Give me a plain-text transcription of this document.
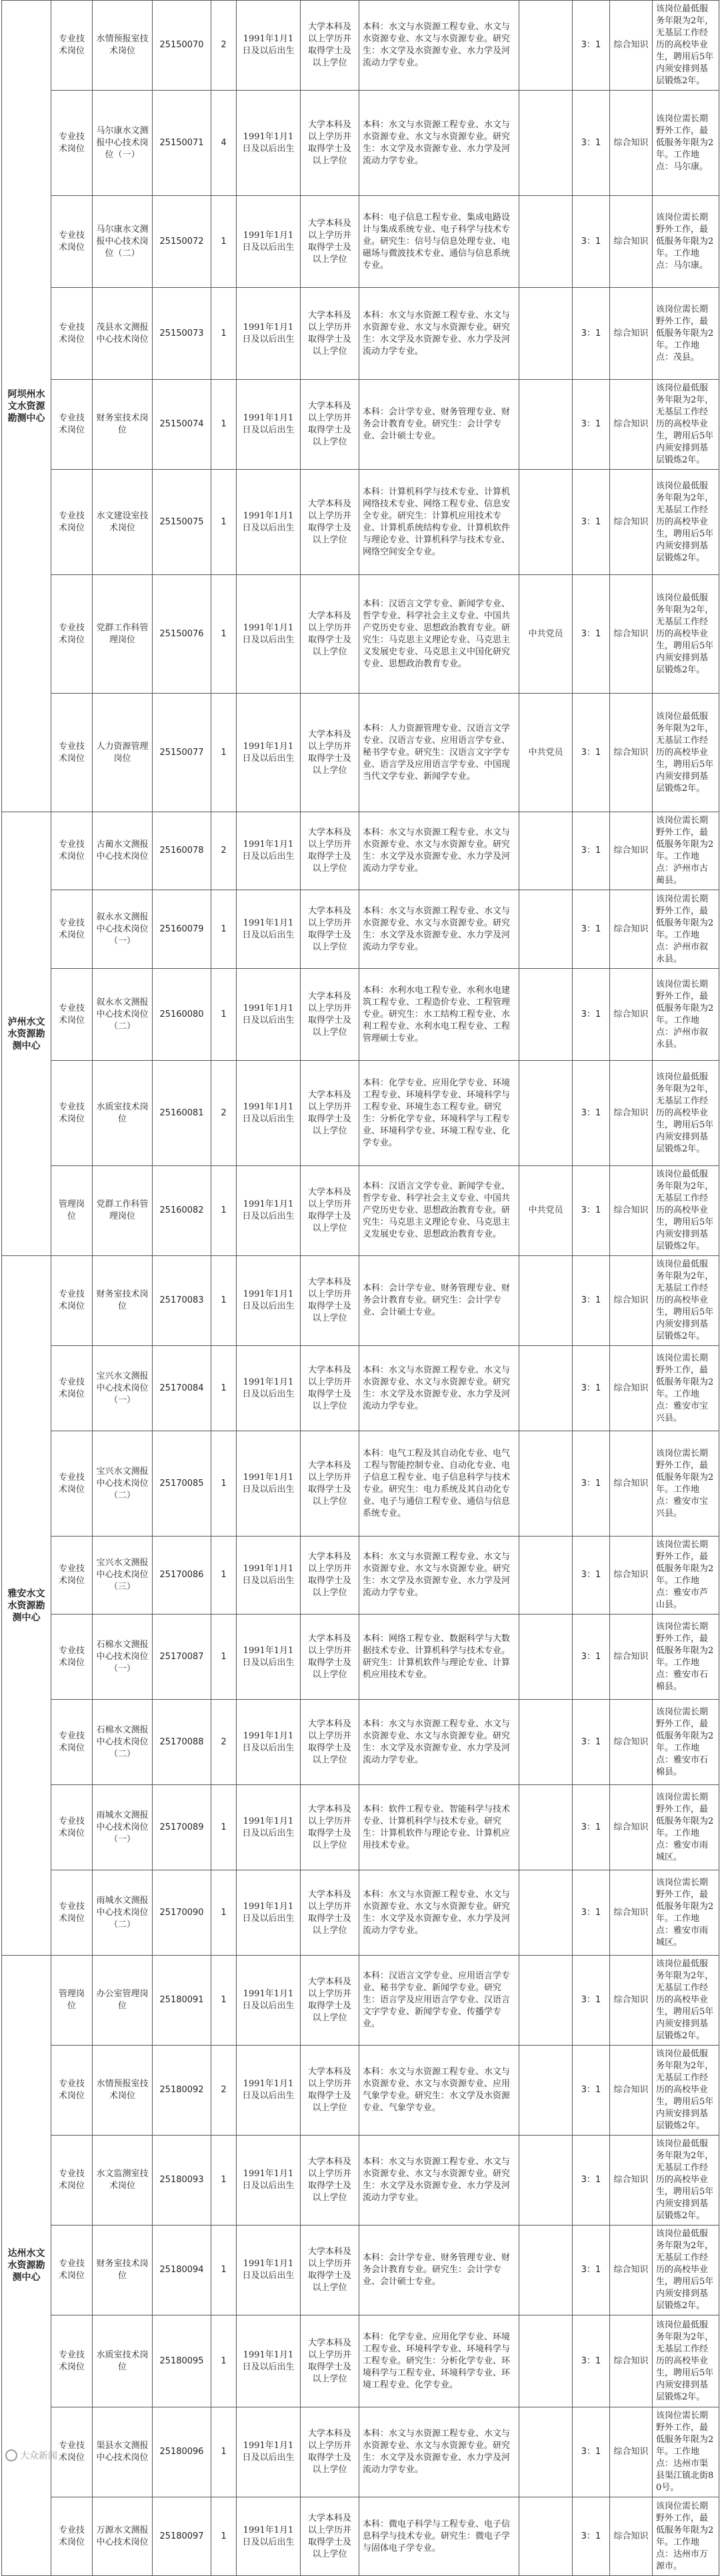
阿坝州水文水资源勘测中心	专业技术岗位	水情预报室技术岗位	25150070	2	1991年1月1日及以后出生	大学本科及以上学历并取得学士及以上学位	本科：水文与水资源工程专业、水文与水资源专业、水文与水资源专业。研究生：水文学及水资源专业、水力学及河流动力学专业。		3：1	综合知识	该岗位最低服务年限为2年，无基层工作经历的高校毕业生，聘用后5年内须安排到基层锻炼2年。
	专业技术岗位	马尔康水文测报中心技术岗位（一）	25150071	4	1991年1月1日及以后出生	大学本科及以上学历并取得学士及以上学位	本科：水文与水资源工程专业、水文与水资源专业、水文与水资源专业。研究生：水文学及水资源专业、水力学及河流动力学专业。		3：1	综合知识	该岗位需长期野外工作，最低服务年限为2年。工作地点：马尔康。
	专业技术岗位	马尔康水文测报中心技术岗位（二）	25150072	1	1991年1月1日及以后出生	大学本科及以上学历并取得学士及以上学位	本科：电子信息工程专业、集成电路设计与集成系统专业、电子科学与技术专业。研究生：信号与信息处理专业、电磁场与微波技术专业、通信与信息系统专业。		3：1	综合知识	该岗位需长期野外工作，最低服务年限为2年。工作地点：马尔康。
	专业技术岗位	茂县水文测报中心技术岗位	25150073	1	1991年1月1日及以后出生	大学本科及以上学历并取得学士及以上学位	本科：水文与水资源工程专业、水文与水资源专业、水文与水资源专业。研究生：水文学及水资源专业、水力学及河流动力学专业。		3：1	综合知识	该岗位需长期野外工作，最低服务年限为2年。工作地点：茂县。
	专业技术岗位	财务室技术岗位	25150074	1	1991年1月1日及以后出生	大学本科及以上学历并取得学士及以上学位	本科：会计学专业、财务管理专业、财务会计教育专业。研究生：会计学专业、会计硕士专业。		3：1	综合知识	该岗位最低服务年限为2年，无基层工作经历的高校毕业生，聘用后5年内须安排到基层锻炼2年。
	专业技术岗位	水文建设室技术岗位	25150075	1	1991年1月1日及以后出生	大学本科及以上学历并取得学士及以上学位	本科：计算机科学与技术专业、计算机网络技术专业、网络工程专业、信息安全专业。研究生：计算机应用技术专业、计算机系统结构专业、计算机软件与理论专业、计算机科学与技术专业、网络空间安全专业。		3：1	综合知识	该岗位最低服务年限为2年，无基层工作经历的高校毕业生，聘用后5年内须安排到基层锻炼2年。
	专业技术岗位	党群工作科管理岗位	25150076	1	1991年1月1日及以后出生	大学本科及以上学历并取得学士及以上学位	本科：汉语言文学专业、新闻学专业、哲学专业、科学社会主义专业、中国共产党历史专业、思想政治教育专业。研究生：马克思主义理论专业、马克思主义发展史专业、马克思主义中国化研究专业、思想政治教育专业。	中共党员	3：1	综合知识	该岗位最低服务年限为2年，无基层工作经历的高校毕业生，聘用后5年内须安排到基层锻炼2年。
	专业技术岗位	人力资源管理岗位	25150077	1	1991年1月1日及以后出生	大学本科及以上学历并取得学士及以上学位	本科：人力资源管理专业、汉语言文学专业、汉语言专业、应用语言学专业、秘书学专业。研究生：汉语言文字学专业、语言学及应用语言学专业、中国现当代文学专业、新闻学专业。	中共党员	3：1	综合知识	该岗位最低服务年限为2年，无基层工作经历的高校毕业生，聘用后5年内须安排到基层锻炼2年。
泸州水文水资源勘测中心	专业技术岗位	古蔺水文测报中心技术岗位	25160078	2	1991年1月1日及以后出生	大学本科及以上学历并取得学士及以上学位	本科：水文与水资源工程专业、水文与水资源专业、水文与水资源专业。研究生：水文学及水资源专业、水力学及河流动力学专业。		3：1	综合知识	该岗位需长期野外工作，最低服务年限为2年。工作地点：泸州市古蔺县。
	专业技术岗位	叙永水文测报中心技术岗位（一）	25160079	1	1991年1月1日及以后出生	大学本科及以上学历并取得学士及以上学位	本科：水文与水资源工程专业、水文与水资源专业、水文与水资源专业。研究生：水文学及水资源专业、水力学及河流动力学专业。		3：1	综合知识	该岗位需长期野外工作，最低服务年限为2年。工作地点：泸州市叙永县。
	专业技术岗位	叙永水文测报中心技术岗位（二）	25160080	1	1991年1月1日及以后出生	大学本科及以上学历并取得学士及以上学位	本科：水利水电工程专业、水利水电建筑工程专业、工程造价专业、工程管理专业。研究生：水工结构工程专业、水利工程专业、水利水电工程专业、工程管理硕士专业。		3：1	综合知识	该岗位需长期野外工作，最低服务年限为2年。工作地点：泸州市叙永县。
	专业技术岗位	水质室技术岗位	25160081	2	1991年1月1日及以后出生	大学本科及以上学历并取得学士及以上学位	本科：化学专业、应用化学专业、环境工程专业、环境科学专业、环境科学与工程专业、环境生态工程专业。研究生：分析化学专业、环境科学与工程专业、环境科学专业、环境工程专业、化学专业。		3：1	综合知识	该岗位最低服务年限为2年，无基层工作经历的高校毕业生，聘用后5年内须安排到基层锻炼2年。
	管理岗位	党群工作科管理岗位	25160082	1	1991年1月1日及以后出生	大学本科及以上学历并取得学士及以上学位	本科：汉语言文学专业、新闻学专业、哲学专业、科学社会主义专业、中国共产党历史专业、思想政治教育专业。研究生：马克思主义理论专业、马克思主义发展史专业、思想政治教育专业。	中共党员	3：1	综合知识	该岗位最低服务年限为2年，无基层工作经历的高校毕业生，聘用后5年内须安排到基层锻炼2年。
雅安水文水资源勘测中心	专业技术岗位	财务室技术岗位	25170083	1	1991年1月1日及以后出生	大学本科及以上学历并取得学士及以上学位	本科：会计学专业、财务管理专业、财务会计教育专业。研究生：会计学专业、会计硕士专业。		3：1	综合知识	该岗位最低服务年限为2年，无基层工作经历的高校毕业生，聘用后5年内须安排到基层锻炼2年。
	专业技术岗位	宝兴水文测报中心技术岗位（一）	25170084	1	1991年1月1日及以后出生	大学本科及以上学历并取得学士及以上学位	本科：水文与水资源工程专业、水文与水资源专业、水文与水资源专业。研究生：水文学及水资源专业、水力学及河流动力学专业。		3：1	综合知识	该岗位需长期野外工作，最低服务年限为2年。工作地点：雅安市宝兴县。
	专业技术岗位	宝兴水文测报中心技术岗位（二）	25170085	1	1991年1月1日及以后出生	大学本科及以上学历并取得学士及以上学位	本科：电气工程及其自动化专业、电气工程与智能控制专业、自动化专业、电子信息工程专业、电子信息科学与技术专业。研究生：电力系统及其自动化专业、电子与通信工程专业、通信与信息系统专业。		3：1	综合知识	该岗位需长期野外工作，最低服务年限为2年。工作地点：雅安市宝兴县。
	专业技术岗位	宝兴水文测报中心技术岗位（三）	25170086	1	1991年1月1日及以后出生	大学本科及以上学历并取得学士及以上学位	本科：水文与水资源工程专业、水文与水资源专业、水文与水资源专业。研究生：水文学及水资源专业、水力学及河流动力学专业。		3：1	综合知识	该岗位需长期野外工作，最低服务年限为2年。工作地点：雅安市芦山县。
	专业技术岗位	石棉水文测报中心技术岗位（一）	25170087	1	1991年1月1日及以后出生	大学本科及以上学历并取得学士及以上学位	本科：网络工程专业、数据科学与大数据技术专业、计算机科学与技术专业。研究生：计算机软件与理论专业、计算机应用技术专业。		3：1	综合知识	该岗位需长期野外工作，最低服务年限为2年。工作地点：雅安市石棉县。
	专业技术岗位	石棉水文测报中心技术岗位（二）	25170088	2	1991年1月1日及以后出生	大学本科及以上学历并取得学士及以上学位	本科：水文与水资源工程专业、水文与水资源专业、水文与水资源专业。研究生：水文学及水资源专业、水力学及河流动力学专业。		3：1	综合知识	该岗位需长期野外工作，最低服务年限为2年。工作地点：雅安市石棉县。
	专业技术岗位	雨城水文测报中心技术岗位（一）	25170089	1	1991年1月1日及以后出生	大学本科及以上学历并取得学士及以上学位	本科：软件工程专业、智能科学与技术专业、计算机科学与技术专业。研究生：计算机软件与理论专业、计算机应用技术专业。		3：1	综合知识	该岗位需长期野外工作，最低服务年限为2年。工作地点：雅安市雨城区。
	专业技术岗位	雨城水文测报中心技术岗位（二）	25170090	1	1991年1月1日及以后出生	大学本科及以上学历并取得学士及以上学位	本科：水文与水资源工程专业、水文与水资源专业、水文与水资源专业。研究生：水文学及水资源专业、水力学及河流动力学专业。		3：1	综合知识	该岗位需长期野外工作，最低服务年限为2年。工作地点：雅安市雨城区。
达州水文水资源勘测中心	管理岗位	办公室管理岗位	25180091	1	1991年1月1日及以后出生	大学本科及以上学历并取得学士及以上学位	本科：汉语言文学专业、应用语言学专业、秘书学专业、新闻学专业。研究生：语言学及应用语言学专业、汉语言文字学专业、新闻学专业、传播学专业。		3：1	综合知识	该岗位最低服务年限为2年，无基层工作经历的高校毕业生，聘用后5年内须安排到基层锻炼2年。
	专业技术岗位	水情预报室技术岗位	25180092	2	1991年1月1日及以后出生	大学本科及以上学历并取得学士及以上学位	本科：水文与水资源工程专业、水文与水资源专业、水文与水资源专业、应用气象学专业。研究生：水文学及水资源专业、气象学专业。		3：1	综合知识	该岗位最低服务年限为2年，无基层工作经历的高校毕业生，聘用后5年内须安排到基层锻炼2年。
	专业技术岗位	水文监测室技术岗位	25180093	1	1991年1月1日及以后出生	大学本科及以上学历并取得学士及以上学位	本科：水文与水资源工程专业、水文与水资源专业、水文与水资源专业。研究生：水文学及水资源专业、水力学及河流动力学专业。		3：1	综合知识	该岗位最低服务年限为2年，无基层工作经历的高校毕业生，聘用后5年内须安排到基层锻炼2年。
	专业技术岗位	财务室技术岗位	25180094	1	1991年1月1日及以后出生	大学本科及以上学历并取得学士及以上学位	本科：会计学专业、财务管理专业、财务会计教育专业。研究生：会计学专业、会计硕士专业。		3：1	综合知识	该岗位最低服务年限为2年，无基层工作经历的高校毕业生，聘用后5年内须安排到基层锻炼2年。
	专业技术岗位	水质室技术岗位	25180095	1	1991年1月1日及以后出生	大学本科及以上学历并取得学士及以上学位	本科：化学专业、应用化学专业、环境工程专业、环境科学专业、环境科学与工程专业。研究生：分析化学专业、环境科学与工程专业、环境科学专业、环境工程专业、化学专业。		3：1	综合知识	该岗位最低服务年限为2年，无基层工作经历的高校毕业生，聘用后5年内须安排到基层锻炼2年。
	专业技术岗位	渠县水文测报中心技术岗位	25180096	1	1991年1月1日及以后出生	大学本科及以上学历并取得学士及以上学位	本科：水文与水资源工程专业、水文与水资源专业、水文与水资源专业。研究生：水文学及水资源专业、水力学及河流动力学专业。		3：1	综合知识	该岗位需长期野外工作，最低服务年限为2年。工作地点：达州市渠县渠江镇北街80号。
	专业技术岗位	万源水文测报中心技术岗位	25180097	1	1991年1月1日及以后出生	大学本科及以上学历并取得学士及以上学位	本科：微电子科学与工程专业、电子信息科学与技术专业。研究生：微电子学与固体电子学专业。		3：1	综合知识	该岗位需长期野外工作，最低服务年限为2年。工作地点：达州市万源市。
大众新闻
